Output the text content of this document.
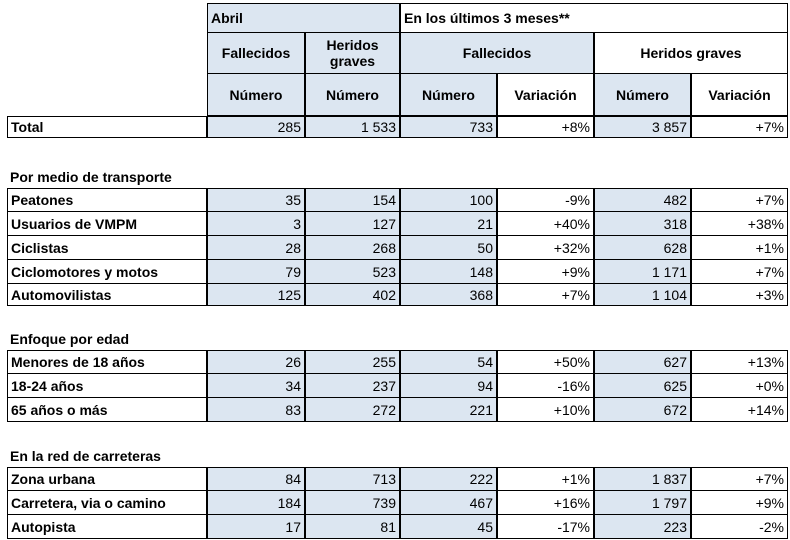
Abril	En los últimos 3 meses**
Fallecidos	Heridos graves	Fallecidos	Heridos graves
Número	Número	Número	Variación	Número	Variación
Total	285	1 533	733	+8%	3 857	+7%
Por medio de transporte
Peatones	35	154	100	-9%	482	+7%
Usuarios de VMPM	3	127	21	+40%	318	+38%
Ciclistas	28	268	50	+32%	628	+1%
Ciclomotores y motos	79	523	148	+9%	1 171	+7%
Automovilistas	125	402	368	+7%	1 104	+3%
Enfoque por edad
Menores de 18 años	26	255	54	+50%	627	+13%
18-24 años	34	237	94	-16%	625	+0%
65 años o más	83	272	221	+10%	672	+14%
En la red de carreteras
Zona urbana	84	713	222	+1%	1 837	+7%
Carretera, via o camino	184	739	467	+16%	1 797	+9%
Autopista	17	81	45	-17%	223	-2%
